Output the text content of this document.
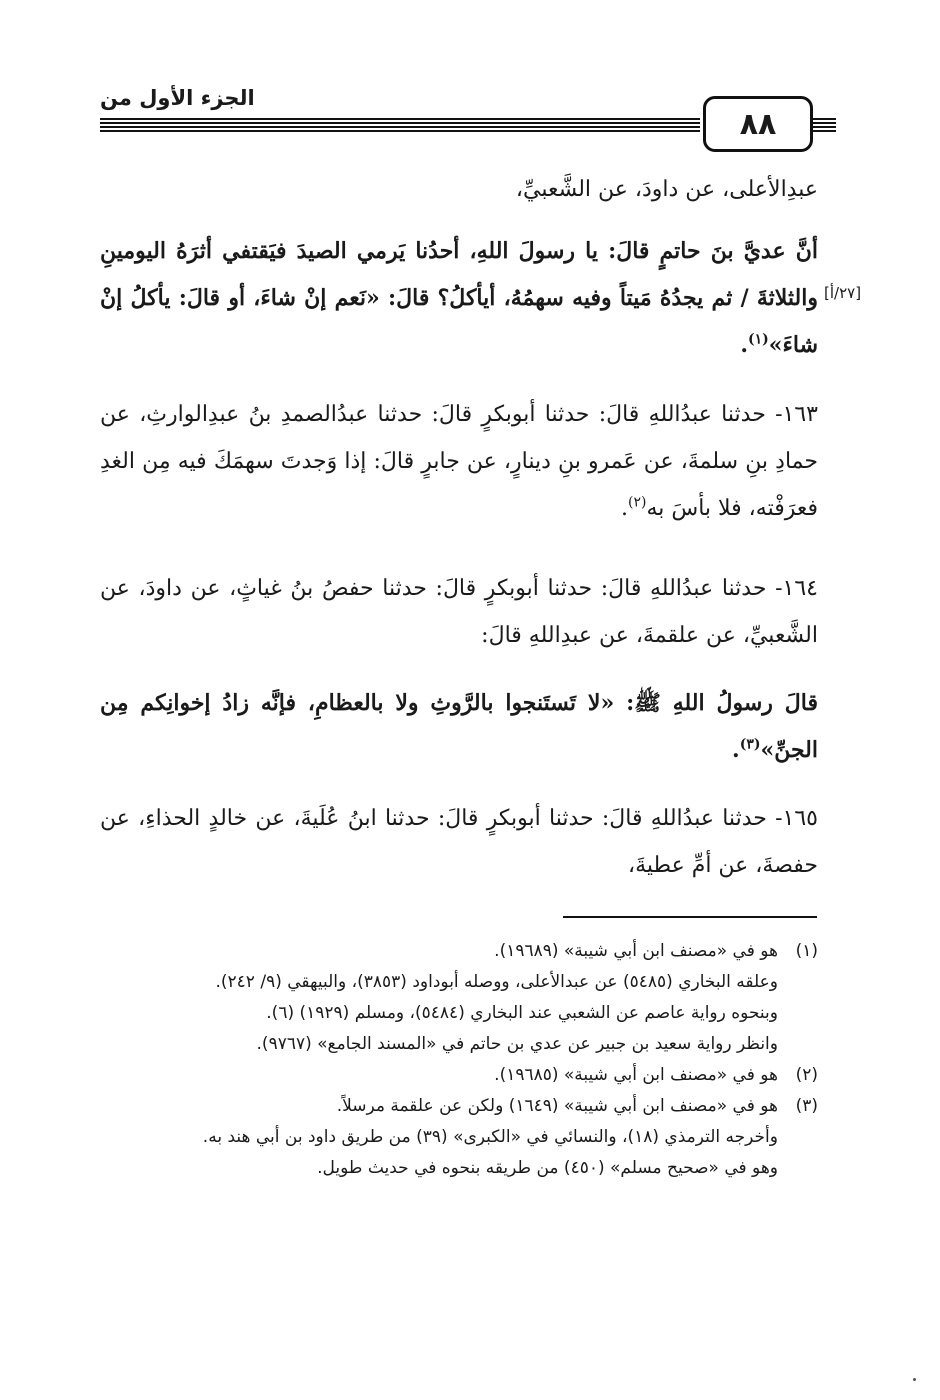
الجزء الأول من
٨٨
[٢٧/أ]
عبدِالأعلى، عن داودَ، عن الشَّعبيِّ،
أنَّ عديَّ بنَ حاتمٍ قالَ: يا رسولَ اللهِ، أحدُنا يَرمي الصيدَ فيَقتفي أثرَهُ اليومينِ والثلاثةَ / ثم يجدُهُ مَيتاً وفيه سهمُهُ، أيأكلُ؟ قالَ: «نَعم إنْ شاءَ، أو قالَ: يأكلُ إنْ شاءَ»$^{(١)}$.
١٦٣- حدثنا عبدُاللهِ قالَ: حدثنا أبوبكرٍ قالَ: حدثنا عبدُالصمدِ بنُ عبدِالوارثِ، عن حمادِ بنِ سلمةَ، عن عَمرو بنِ دينارٍ، عن جابرٍ قالَ: إذا وَجدتَ سهمَكَ فيه مِن الغدِ فعرَفْته، فلا بأسَ به$^{(٢)}$.
١٦٤- حدثنا عبدُاللهِ قالَ: حدثنا أبوبكرٍ قالَ: حدثنا حفصُ بنُ غياثٍ، عن داودَ، عن الشَّعبيِّ، عن علقمةَ، عن عبدِاللهِ قالَ:
قالَ رسولُ اللهِ ﷺ: «لا تَستَنجوا بالرَّوثِ ولا بالعظامِ، فإنَّه زادُ إخوانِكم مِن الجنِّ»$^{(٣)}$.
١٦٥- حدثنا عبدُاللهِ قالَ: حدثنا أبوبكرٍ قالَ: حدثنا ابنُ عُلَيةَ، عن خالدٍ الحذاءِ، عن حفصةَ، عن أمِّ عطيةَ،
(١)هو في «مصنف ابن أبي شيبة» (١٩٦٨٩).
وعلقه البخاري (٥٤٨٥) عن عبدالأعلى، ووصله أبوداود (٣٨٥٣)، والبيهقي (٩/ ٢٤٢).
وبنحوه رواية عاصم عن الشعبي عند البخاري (٥٤٨٤)، ومسلم (١٩٢٩) (٦).
وانظر رواية سعيد بن جبير عن عدي بن حاتم في «المسند الجامع» (٩٧٦٧).
(٢)هو في «مصنف ابن أبي شيبة» (١٩٦٨٥).
(٣)هو في «مصنف ابن أبي شيبة» (١٦٤٩) ولكن عن علقمة مرسلاً.
وأخرجه الترمذي (١٨)، والنسائي في «الكبرى» (٣٩) من طريق داود بن أبي هند به.
وهو في «صحيح مسلم» (٤٥٠) من طريقه بنحوه في حديث طويل.
